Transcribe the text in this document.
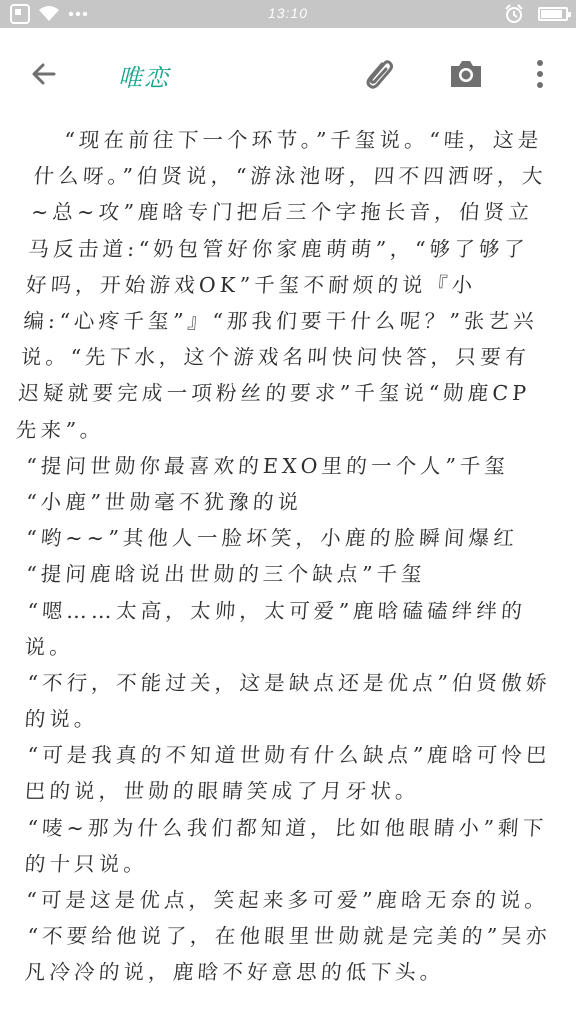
13:10
唯恋

“现在前往下一个环节。”千玺说。“哇，这是什么呀。”伯贤说，“游泳池呀，四不四洒呀，大~总~攻”鹿晗专门把后三个字拖长音，伯贤立马反击道:“奶包管好你家鹿萌萌”，“够了够了好吗，开始游戏OK”千玺不耐烦的说『小编:“心疼千玺”』“那我们要干什么呢？”张艺兴说。“先下水，这个游戏名叫快问快答，只要有迟疑就要完成一项粉丝的要求”千玺说“勋鹿CP先来”。

“提问世勋你最喜欢的EXO里的一个人”千玺

“小鹿”世勋毫不犹豫的说

“哟~~”其他人一脸坏笑，小鹿的脸瞬间爆红

“提问鹿晗说出世勋的三个缺点”千玺

“嗯……太高，太帅，太可爱”鹿晗磕磕绊绊的说。

“不行，不能过关，这是缺点还是优点”伯贤傲娇的说。

“可是我真的不知道世勋有什么缺点”鹿晗可怜巴巴的说，世勋的眼睛笑成了月牙状。

“唛~那为什么我们都知道，比如他眼睛小”剩下的十只说。

“可是这是优点，笑起来多可爱”鹿晗无奈的说。

“不要给他说了，在他眼里世勋就是完美的”吴亦凡冷冷的说，鹿晗不好意思的低下头。
